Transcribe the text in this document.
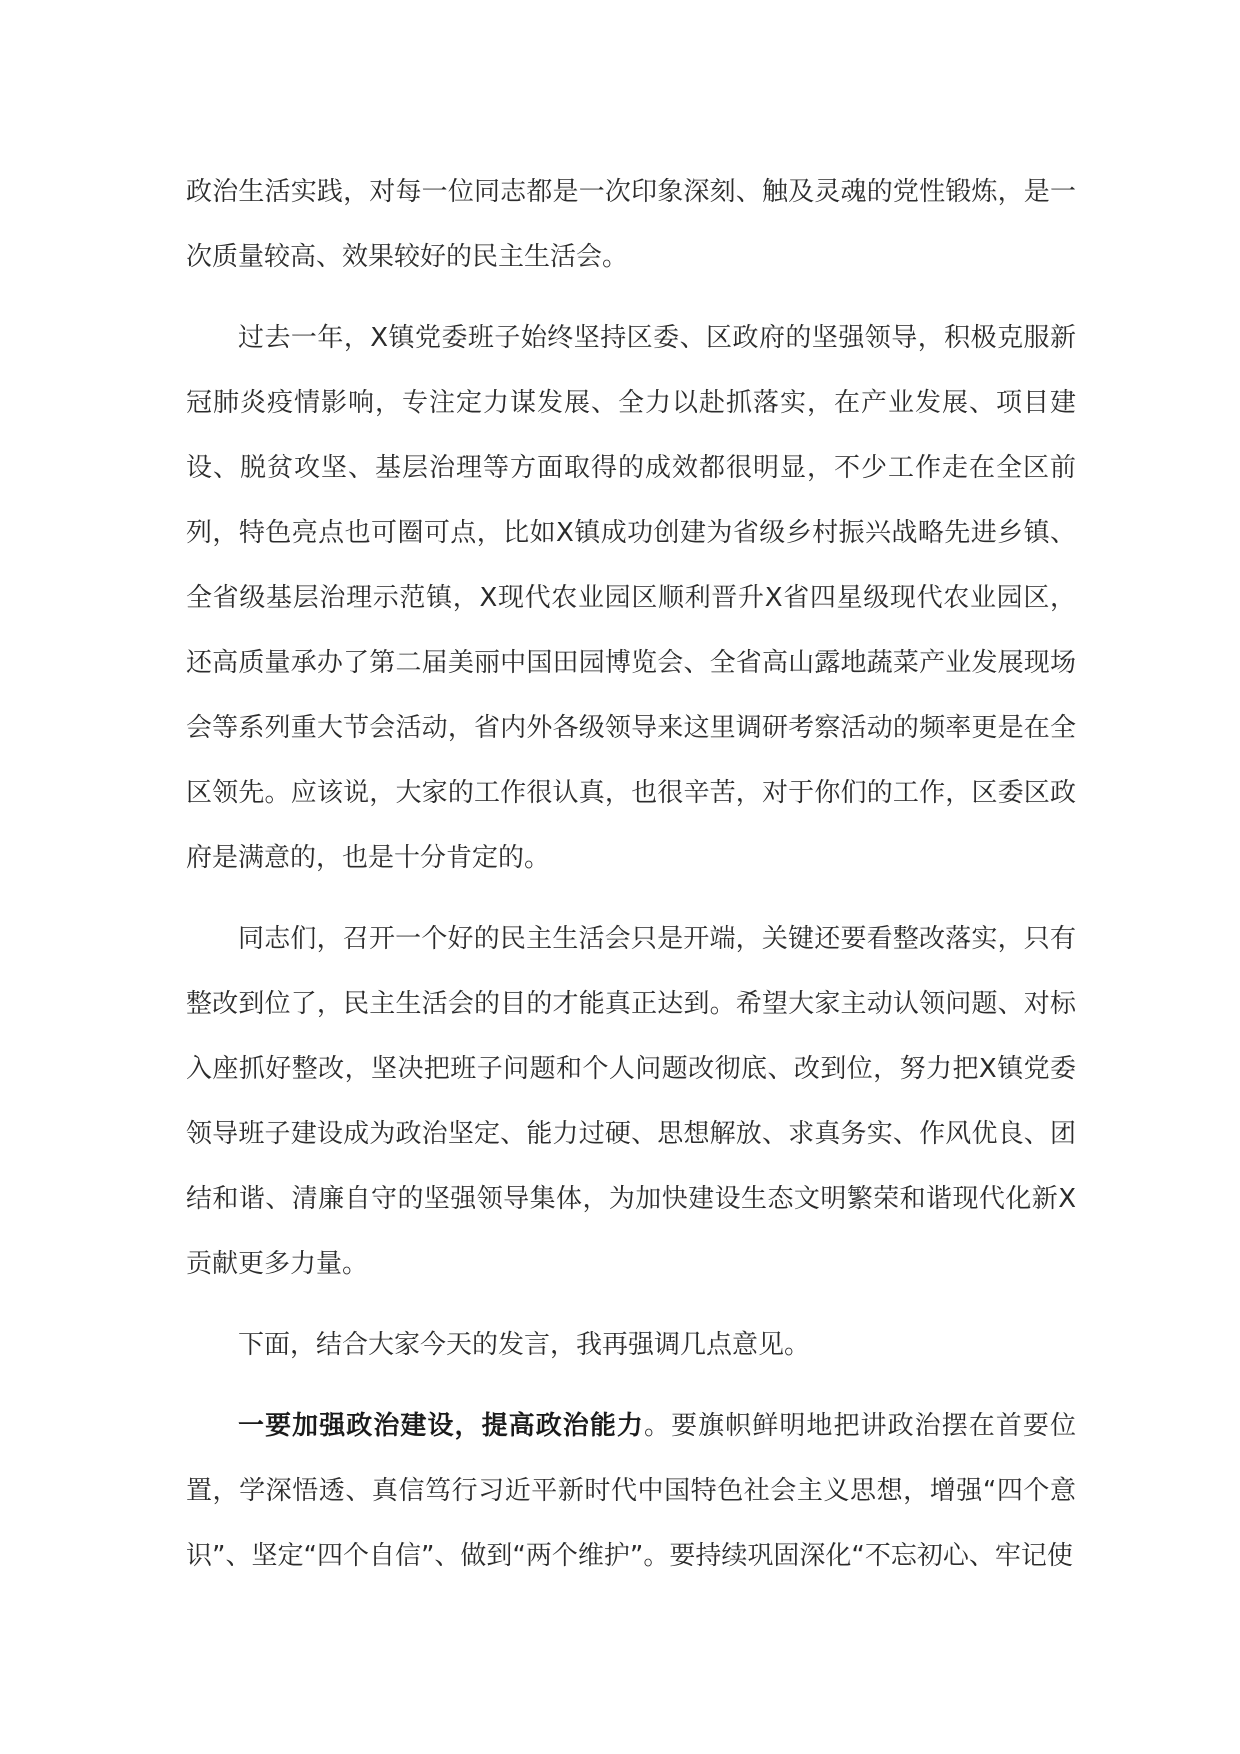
政治生活实践，对每一位同志都是一次印象深刻、触及灵魂的党性锻炼，是一次质量较高、效果较好的民主生活会。

过去一年，X镇党委班子始终坚持区委、区政府的坚强领导，积极克服新冠肺炎疫情影响，专注定力谋发展、全力以赴抓落实，在产业发展、项目建设、脱贫攻坚、基层治理等方面取得的成效都很明显，不少工作走在全区前列，特色亮点也可圈可点，比如X镇成功创建为省级乡村振兴战略先进乡镇、全省级基层治理示范镇，X现代农业园区顺利晋升X省四星级现代农业园区，还高质量承办了第二届美丽中国田园博览会、全省高山露地蔬菜产业发展现场会等系列重大节会活动，省内外各级领导来这里调研考察活动的频率更是在全区领先。应该说，大家的工作很认真，也很辛苦，对于你们的工作，区委区政府是满意的，也是十分肯定的。

同志们，召开一个好的民主生活会只是开端，关键还要看整改落实，只有整改到位了，民主生活会的目的才能真正达到。希望大家主动认领问题、对标入座抓好整改，坚决把班子问题和个人问题改彻底、改到位，努力把X镇党委领导班子建设成为政治坚定、能力过硬、思想解放、求真务实、作风优良、团结和谐、清廉自守的坚强领导集体，为加快建设生态文明繁荣和谐现代化新X贡献更多力量。

下面，结合大家今天的发言，我再强调几点意见。

一要加强政治建设，提高政治能力。要旗帜鲜明地把讲政治摆在首要位置，学深悟透、真信笃行习近平新时代中国特色社会主义思想，增强“四个意识”、坚定“四个自信”、做到“两个维护”。要持续巩固深化“不忘初心、牢记使
